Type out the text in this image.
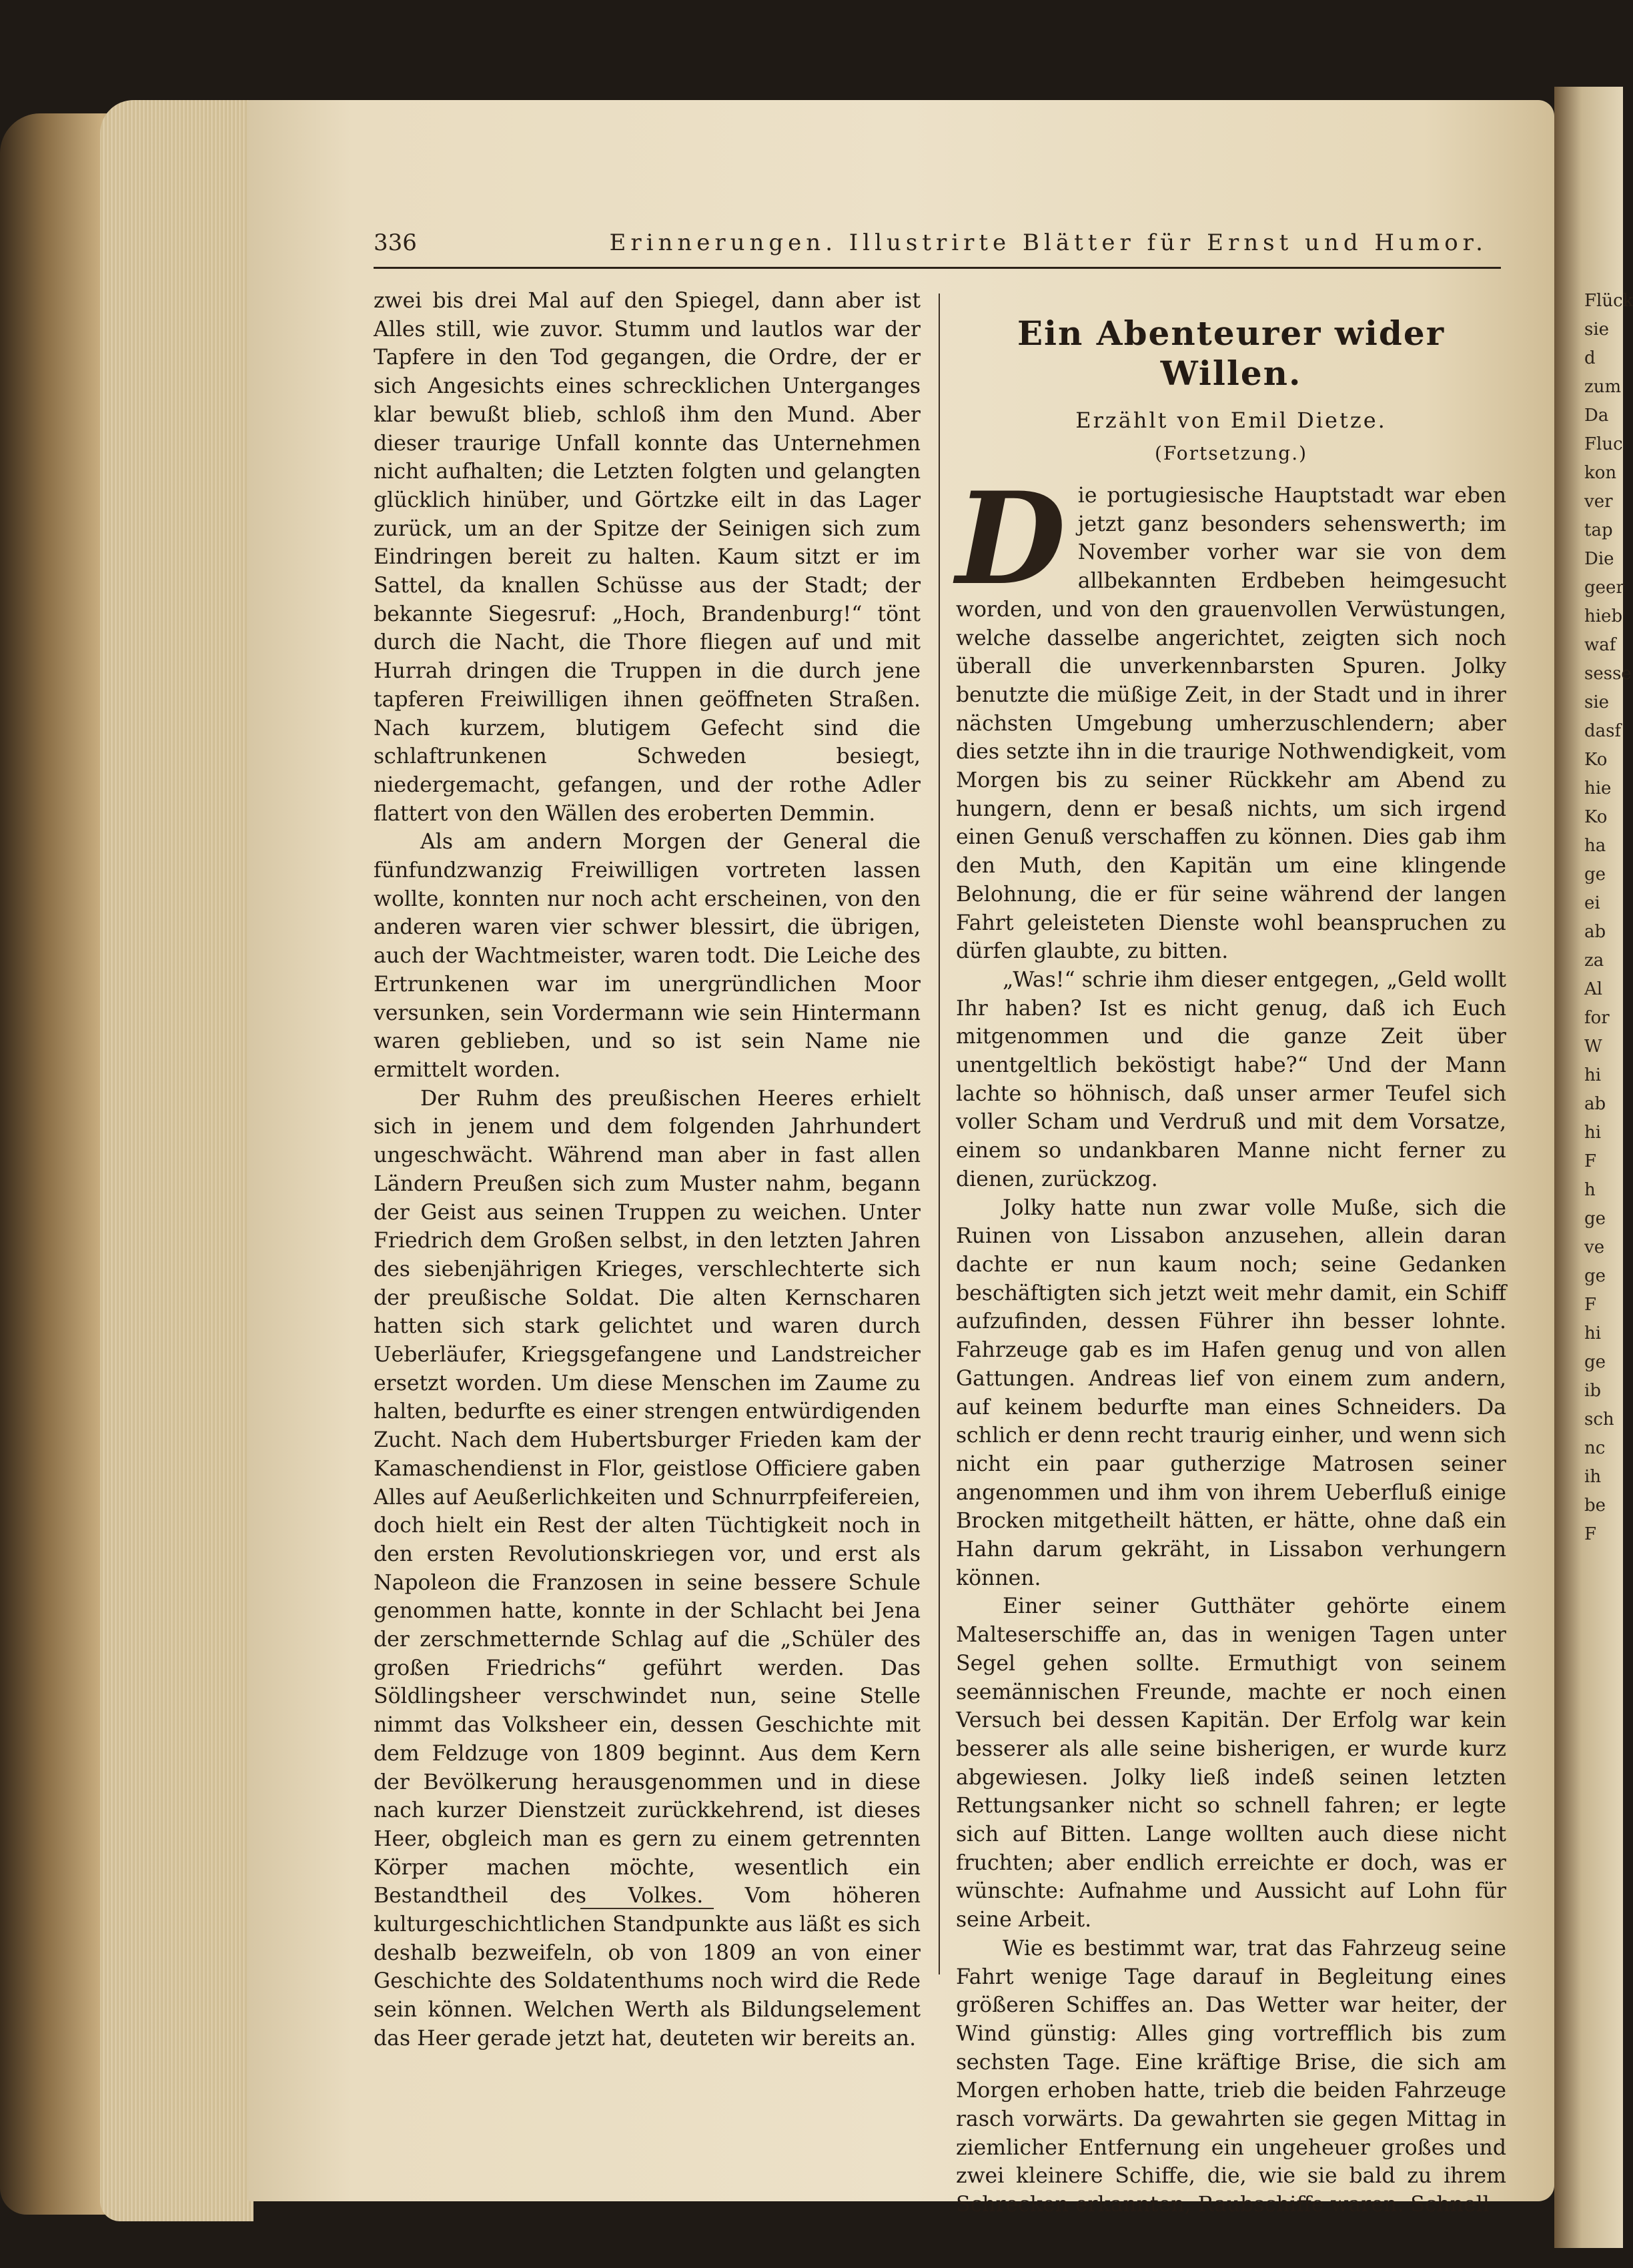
336	Erinnerungen. Illustrirte Blätter für Ernst und Humor.

zwei bis drei Mal auf den Spiegel, dann aber ist Alles still, wie zuvor. Stumm und lautlos war der Tapfere in den Tod gegangen, die Ordre, der er sich Angesichts eines schrecklichen Unterganges klar bewußt blieb, schloß ihm den Mund. Aber dieser traurige Unfall konnte das Unternehmen nicht aufhalten; die Letzten folgten und gelangten glücklich hinüber, und Görtzke eilt in das Lager zurück, um an der Spitze der Seinigen sich zum Eindringen bereit zu halten. Kaum sitzt er im Sattel, da knallen Schüsse aus der Stadt; der bekannte Siegesruf: „Hoch, Brandenburg!“ tönt durch die Nacht, die Thore fliegen auf und mit Hurrah dringen die Truppen in die durch jene tapferen Freiwilligen ihnen geöffneten Straßen. Nach kurzem, blutigem Gefecht sind die schlaftrunkenen Schweden besiegt, niedergemacht, gefangen, und der rothe Adler flattert von den Wällen des eroberten Demmin.

Als am andern Morgen der General die fünfundzwanzig Freiwilligen vortreten lassen wollte, konnten nur noch acht erscheinen, von den anderen waren vier schwer blessirt, die übrigen, auch der Wachtmeister, waren todt. Die Leiche des Ertrunkenen war im unergründlichen Moor versunken, sein Vordermann wie sein Hintermann waren geblieben, und so ist sein Name nie ermittelt worden.

Der Ruhm des preußischen Heeres erhielt sich in jenem und dem folgenden Jahrhundert ungeschwächt. Während man aber in fast allen Ländern Preußen sich zum Muster nahm, begann der Geist aus seinen Truppen zu weichen. Unter Friedrich dem Großen selbst, in den letzten Jahren des siebenjährigen Krieges, verschlechterte sich der preußische Soldat. Die alten Kernscharen hatten sich stark gelichtet und waren durch Ueberläufer, Kriegsgefangene und Landstreicher ersetzt worden. Um diese Menschen im Zaume zu halten, bedurfte es einer strengen entwürdigenden Zucht. Nach dem Hubertsburger Frieden kam der Kamaschendienst in Flor, geistlose Officiere gaben Alles auf Aeußerlichkeiten und Schnurrpfeifereien, doch hielt ein Rest der alten Tüchtigkeit noch in den ersten Revolutionskriegen vor, und erst als Napoleon die Franzosen in seine bessere Schule genommen hatte, konnte in der Schlacht bei Jena der zerschmetternde Schlag auf die „Schüler des großen Friedrichs“ geführt werden. Das Söldlingsheer verschwindet nun, seine Stelle nimmt das Volksheer ein, dessen Geschichte mit dem Feldzuge von 1809 beginnt. Aus dem Kern der Bevölkerung herausgenommen und in diese nach kurzer Dienstzeit zurückkehrend, ist dieses Heer, obgleich man es gern zu einem getrennten Körper machen möchte, wesentlich ein Bestandtheil des Volkes. Vom höheren kulturgeschichtlichen Standpunkte aus läßt es sich deshalb bezweifeln, ob von 1809 an von einer Geschichte des Soldatenthums noch wird die Rede sein können. Welchen Werth als Bildungselement das Heer gerade jetzt hat, deuteten wir bereits an.

Ein Abenteurer wider Willen.
Erzählt von Emil Dietze.
(Fortsetzung.)

Die portugiesische Hauptstadt war eben jetzt ganz besonders sehenswerth; im November vorher war sie von dem allbekannten Erdbeben heimgesucht worden, und von den grauenvollen Verwüstungen, welche dasselbe angerichtet, zeigten sich noch überall die unverkennbarsten Spuren. Jolky benutzte die müßige Zeit, in der Stadt und in ihrer nächsten Umgebung umherzuschlendern; aber dies setzte ihn in die traurige Nothwendigkeit, vom Morgen bis zu seiner Rückkehr am Abend zu hungern, denn er besaß nichts, um sich irgend einen Genuß verschaffen zu können. Dies gab ihm den Muth, den Kapitän um eine klingende Belohnung, die er für seine während der langen Fahrt geleisteten Dienste wohl beanspruchen zu dürfen glaubte, zu bitten.

„Was!“ schrie ihm dieser entgegen, „Geld wollt Ihr haben? Ist es nicht genug, daß ich Euch mitgenommen und die ganze Zeit über unentgeltlich beköstigt habe?“ Und der Mann lachte so höhnisch, daß unser armer Teufel sich voller Scham und Verdruß und mit dem Vorsatze, einem so undankbaren Manne nicht ferner zu dienen, zurückzog.

Jolky hatte nun zwar volle Muße, sich die Ruinen von Lissabon anzusehen, allein daran dachte er nun kaum noch; seine Gedanken beschäftigten sich jetzt weit mehr damit, ein Schiff aufzufinden, dessen Führer ihn besser lohnte. Fahrzeuge gab es im Hafen genug und von allen Gattungen. Andreas lief von einem zum andern, auf keinem bedurfte man eines Schneiders. Da schlich er denn recht traurig einher, und wenn sich nicht ein paar gutherzige Matrosen seiner angenommen und ihm von ihrem Ueberfluß einige Brocken mitgetheilt hätten, er hätte, ohne daß ein Hahn darum gekräht, in Lissabon verhungern können.

Einer seiner Gutthäter gehörte einem Malteserschiffe an, das in wenigen Tagen unter Segel gehen sollte. Ermuthigt von seinem seemännischen Freunde, machte er noch einen Versuch bei dessen Kapitän. Der Erfolg war kein besserer als alle seine bisherigen, er wurde kurz abgewiesen. Jolky ließ indeß seinen letzten Rettungsanker nicht so schnell fahren; er legte sich auf Bitten. Lange wollten auch diese nicht fruchten; aber endlich erreichte er doch, was er wünschte: Aufnahme und Aussicht auf Lohn für seine Arbeit.

Wie es bestimmt war, trat das Fahrzeug seine Fahrt wenige Tage darauf in Begleitung eines größeren Schiffes an. Das Wetter war heiter, der Wind günstig: Alles ging vortrefflich bis zum sechsten Tage. Eine kräftige Brise, die sich am Morgen erhoben hatte, trieb die beiden Fahrzeuge rasch vorwärts. Da gewahrten sie gegen Mittag in ziemlicher Entfernung ein ungeheuer großes und zwei kleinere Schiffe, die, wie sie bald zu ihrem Schrecken erkannten, Raubschiffe waren. Schnell

Flück
sie d
zum
Da
Fluc
kon
ver
tap
Die
geer
hieb
waf
sesse
sie
dasf
Ko
hie
Ko
ha
ge
ei
ab
za
Al
for
W
hi
ab
hi
F
h
ge
ve
ge
F
hi
ge
ib
sch
nc
ih
be
F
